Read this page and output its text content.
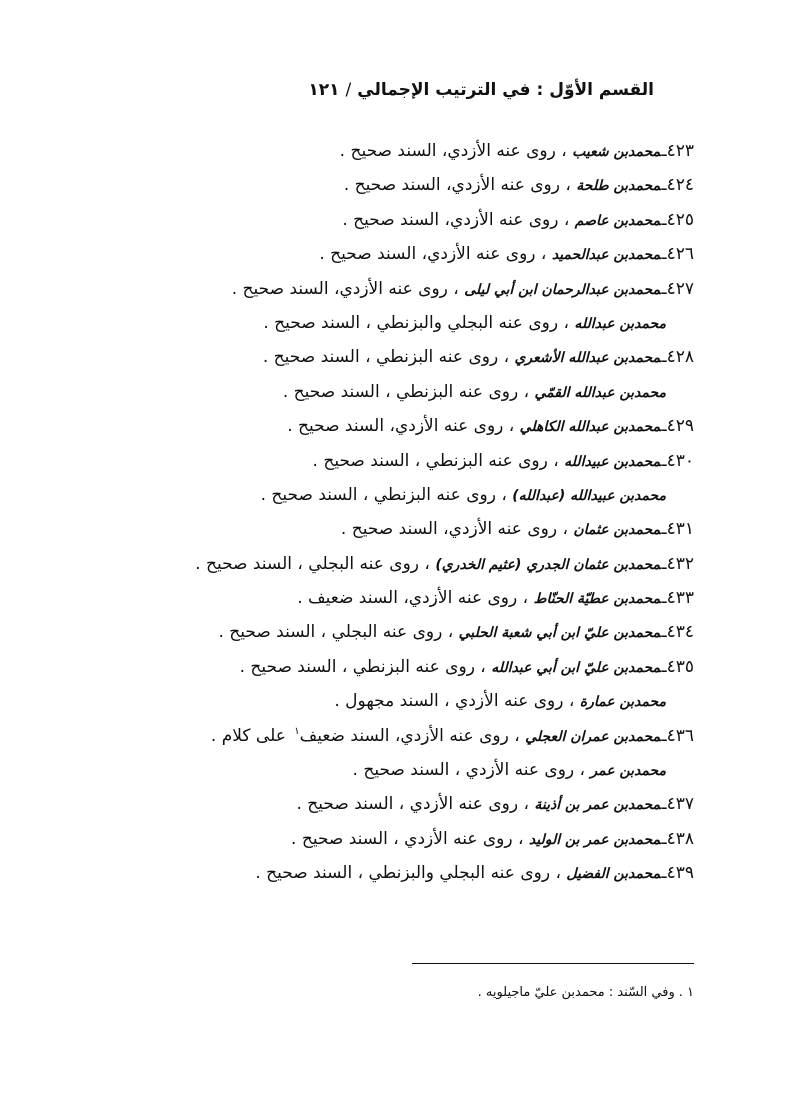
القسم الأوّل : في الترتيب الإجمالي/١٢١
٤٢٣ـمحمدبن شعيب ، روى عنه الأزدي، السند صحيح .
٤٢٤ـمحمدبن طلحة ، روى عنه الأزدي، السند صحيح .
٤٢٥ـمحمدبن عاصم ، روى عنه الأزدي، السند صحيح .
٤٢٦ـمحمدبن عبدالحميد ، روى عنه الأزدي، السند صحيح .
٤٢٧ـمحمدبن عبدالرحمان ابن أبي ليلى ، روى عنه الأزدي، السند صحيح .
محمدبن عبدالله ، روى عنه البجلي والبزنطي ، السند صحيح .
٤٢٨ـمحمدبن عبدالله الأشعري ، روى عنه البزنطي ، السند صحيح .
محمدبن عبدالله القمّي ، روى عنه البزنطي ، السند صحيح .
٤٢٩ـمحمدبن عبدالله الكاهلي ، روى عنه الأزدي، السند صحيح .
٤٣٠ـمحمدبن عبيدالله ، روى عنه البزنطي ، السند صحيح .
محمدبن عبيدالله (عبدالله) ، روى عنه البزنطي ، السند صحيح .
٤٣١ـمحمدبن عثمان ، روى عنه الأزدي، السند صحيح .
٤٣٢ـمحمدبن عثمان الجدري (عثيم الخدري) ، روى عنه البجلي ، السند صحيح .
٤٣٣ـمحمدبن عطيّة الحنّاط ، روى عنه الأزدي، السند ضعيف .
٤٣٤ـمحمدبن عليّ ابن أبي شعبة الحلبي ، روى عنه البجلي ، السند صحيح .
٤٣٥ـمحمدبن عليّ ابن أبي عبدالله ، روى عنه البزنطي ، السند صحيح .
محمدبن عمارة ، روى عنه الأزدي ، السند مجهول .
٤٣٦ـمحمدبن عمران العجلي ، روى عنه الأزدي، السند ضعيف$^١$ على كلام .
محمدبن عمر ، روى عنه الأزدي ، السند صحيح .
٤٣٧ـمحمدبن عمر بن أذينة ، روى عنه الأزدي ، السند صحيح .
٤٣٨ـمحمدبن عمر بن الوليد ، روى عنه الأزدي ، السند صحيح .
٤٣٩ـمحمدبن الفضيل ، روى عنه البجلي والبزنطي ، السند صحيح .
١ .وفي السّند : محمدبن عليّ ماجيلويه .
